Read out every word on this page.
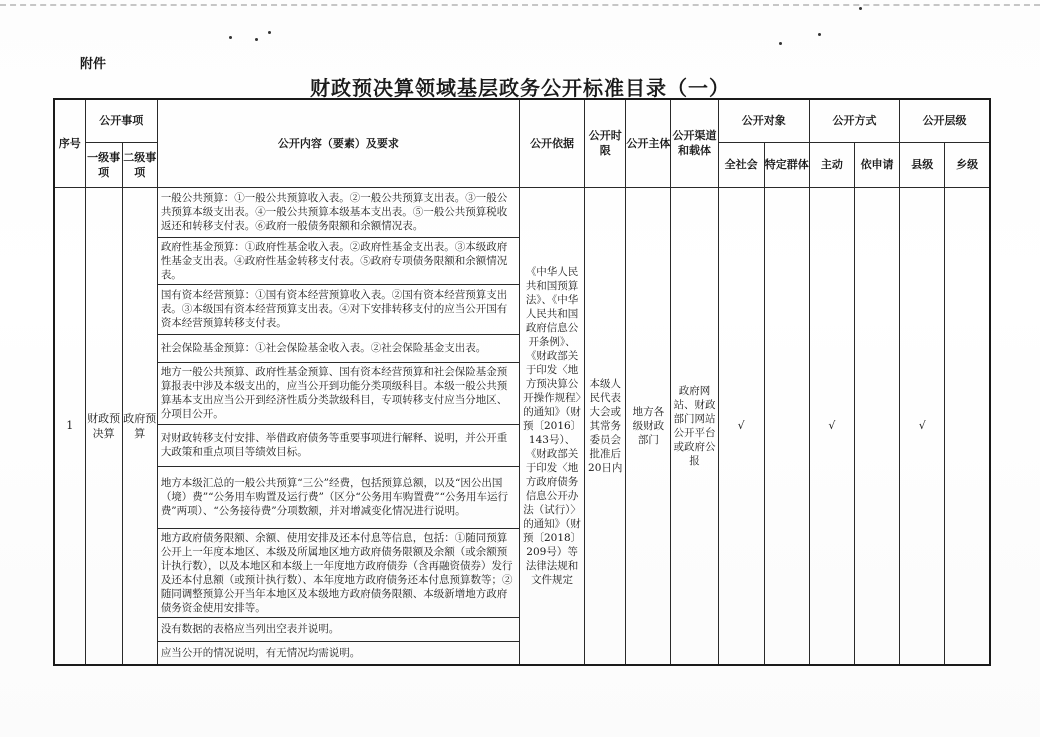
附件
财政预决算领域基层政务公开标准目录（一）
序号	公开事项		公开内容（要素）及要求	公开依据	公开时限	公开主体	公开渠道和载体	公开对象		公开方式		公开层级	
	一级事项	二级事项						全社会	特定群体	主动	依申请	县级	乡级
1	财政预决算	政府预算	一般公共预算：①一般公共预算收入表。②一般公共预算支出表。③一般公共预算本级支出表。④一般公共预算本级基本支出表。⑤一般公共预算税收返还和转移支付表。⑥政府一般债务限额和余额情况表。	《中华人民共和国预算法》、《中华人民共和国政府信息公开条例》、《财政部关于印发〈地方预决算公开操作规程〉的通知》（财预〔2016〕143号）、《财政部关于印发〈地方政府债务信息公开办法（试行）〉的通知》（财预〔2018〕209号）等法律法规和文件规定	本级人民代表大会或其常务委员会批准后20日内	地方各级财政部门	政府网站、财政部门网站公开平台或政府公报	√		√		√	
			政府性基金预算：①政府性基金收入表。②政府性基金支出表。③本级政府性基金支出表。④政府性基金转移支付表。⑤政府专项债务限额和余额情况表。										
			国有资本经营预算：①国有资本经营预算收入表。②国有资本经营预算支出表。③本级国有资本经营预算支出表。④对下安排转移支付的应当公开国有资本经营预算转移支付表。										
			社会保险基金预算：①社会保险基金收入表。②社会保险基金支出表。										
			地方一般公共预算、政府性基金预算、国有资本经营预算和社会保险基金预算报表中涉及本级支出的，应当公开到功能分类项级科目。本级一般公共预算基本支出应当公开到经济性质分类款级科目，专项转移支付应当分地区、分项目公开。										
			对财政转移支付安排、举借政府债务等重要事项进行解释、说明，并公开重大政策和重点项目等绩效目标。										
			地方本级汇总的一般公共预算“三公”经费，包括预算总额，以及“因公出国（境）费”“公务用车购置及运行费”（区分“公务用车购置费”“公务用车运行费”两项）、“公务接待费”分项数额，并对增减变化情况进行说明。										
			地方政府债务限额、余额、使用安排及还本付息等信息，包括：①随同预算公开上一年度本地区、本级及所属地区地方政府债务限额及余额（或余额预计执行数），以及本地区和本级上一年度地方政府债券（含再融资债券）发行及还本付息额（或预计执行数）、本年度地方政府债务还本付息预算数等；②随同调整预算公开当年本地区及本级地方政府债务限额、本级新增地方政府债务资金使用安排等。										
			没有数据的表格应当列出空表并说明。										
			应当公开的情况说明，有无情况均需说明。										
